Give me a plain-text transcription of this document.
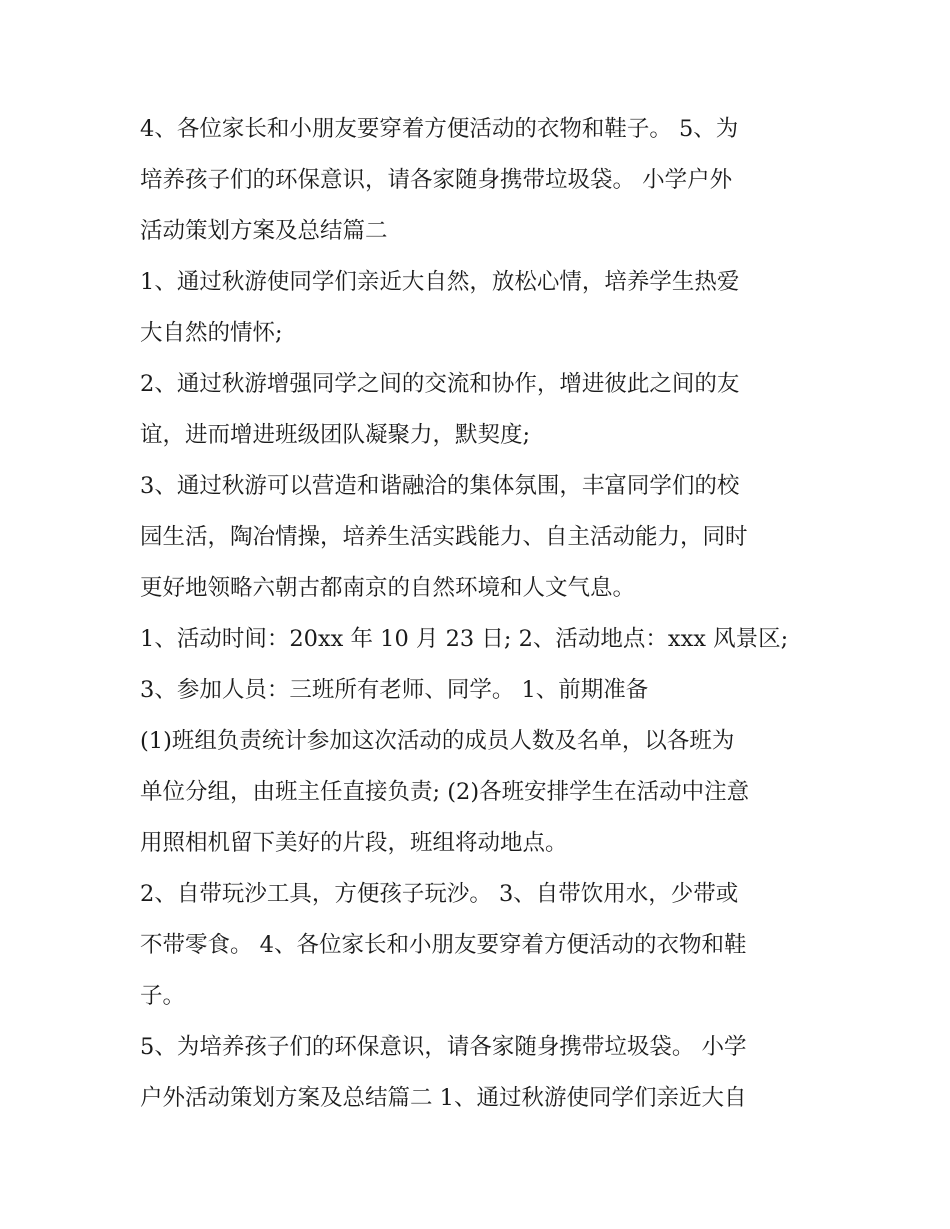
4、各位家长和小朋友要穿着方便活动的衣物和鞋子。 5、为
培养孩子们的环保意识，请各家随身携带垃圾袋。 小学户外
活动策划方案及总结篇二
1、通过秋游使同学们亲近大自然，放松心情，培养学生热爱
大自然的情怀;
2、通过秋游增强同学之间的交流和协作，增进彼此之间的友
谊，进而增进班级团队凝聚力，默契度;
3、通过秋游可以营造和谐融洽的集体氛围，丰富同学们的校
园生活，陶冶情操，培养生活实践能力、自主活动能力，同时
更好地领略六朝古都南京的自然环境和人文气息。
1、活动时间：20xx 年 10 月 23 日; 2、活动地点：xxx 风景区;
3、参加人员：三班所有老师、同学。 1、前期准备
(1)班组负责统计参加这次活动的成员人数及名单，以各班为
单位分组，由班主任直接负责; (2)各班安排学生在活动中注意
用照相机留下美好的片段，班组将动地点。
2、自带玩沙工具，方便孩子玩沙。 3、自带饮用水，少带或
不带零食。 4、各位家长和小朋友要穿着方便活动的衣物和鞋
子。
5、为培养孩子们的环保意识，请各家随身携带垃圾袋。 小学
户外活动策划方案及总结篇二 1、通过秋游使同学们亲近大自
